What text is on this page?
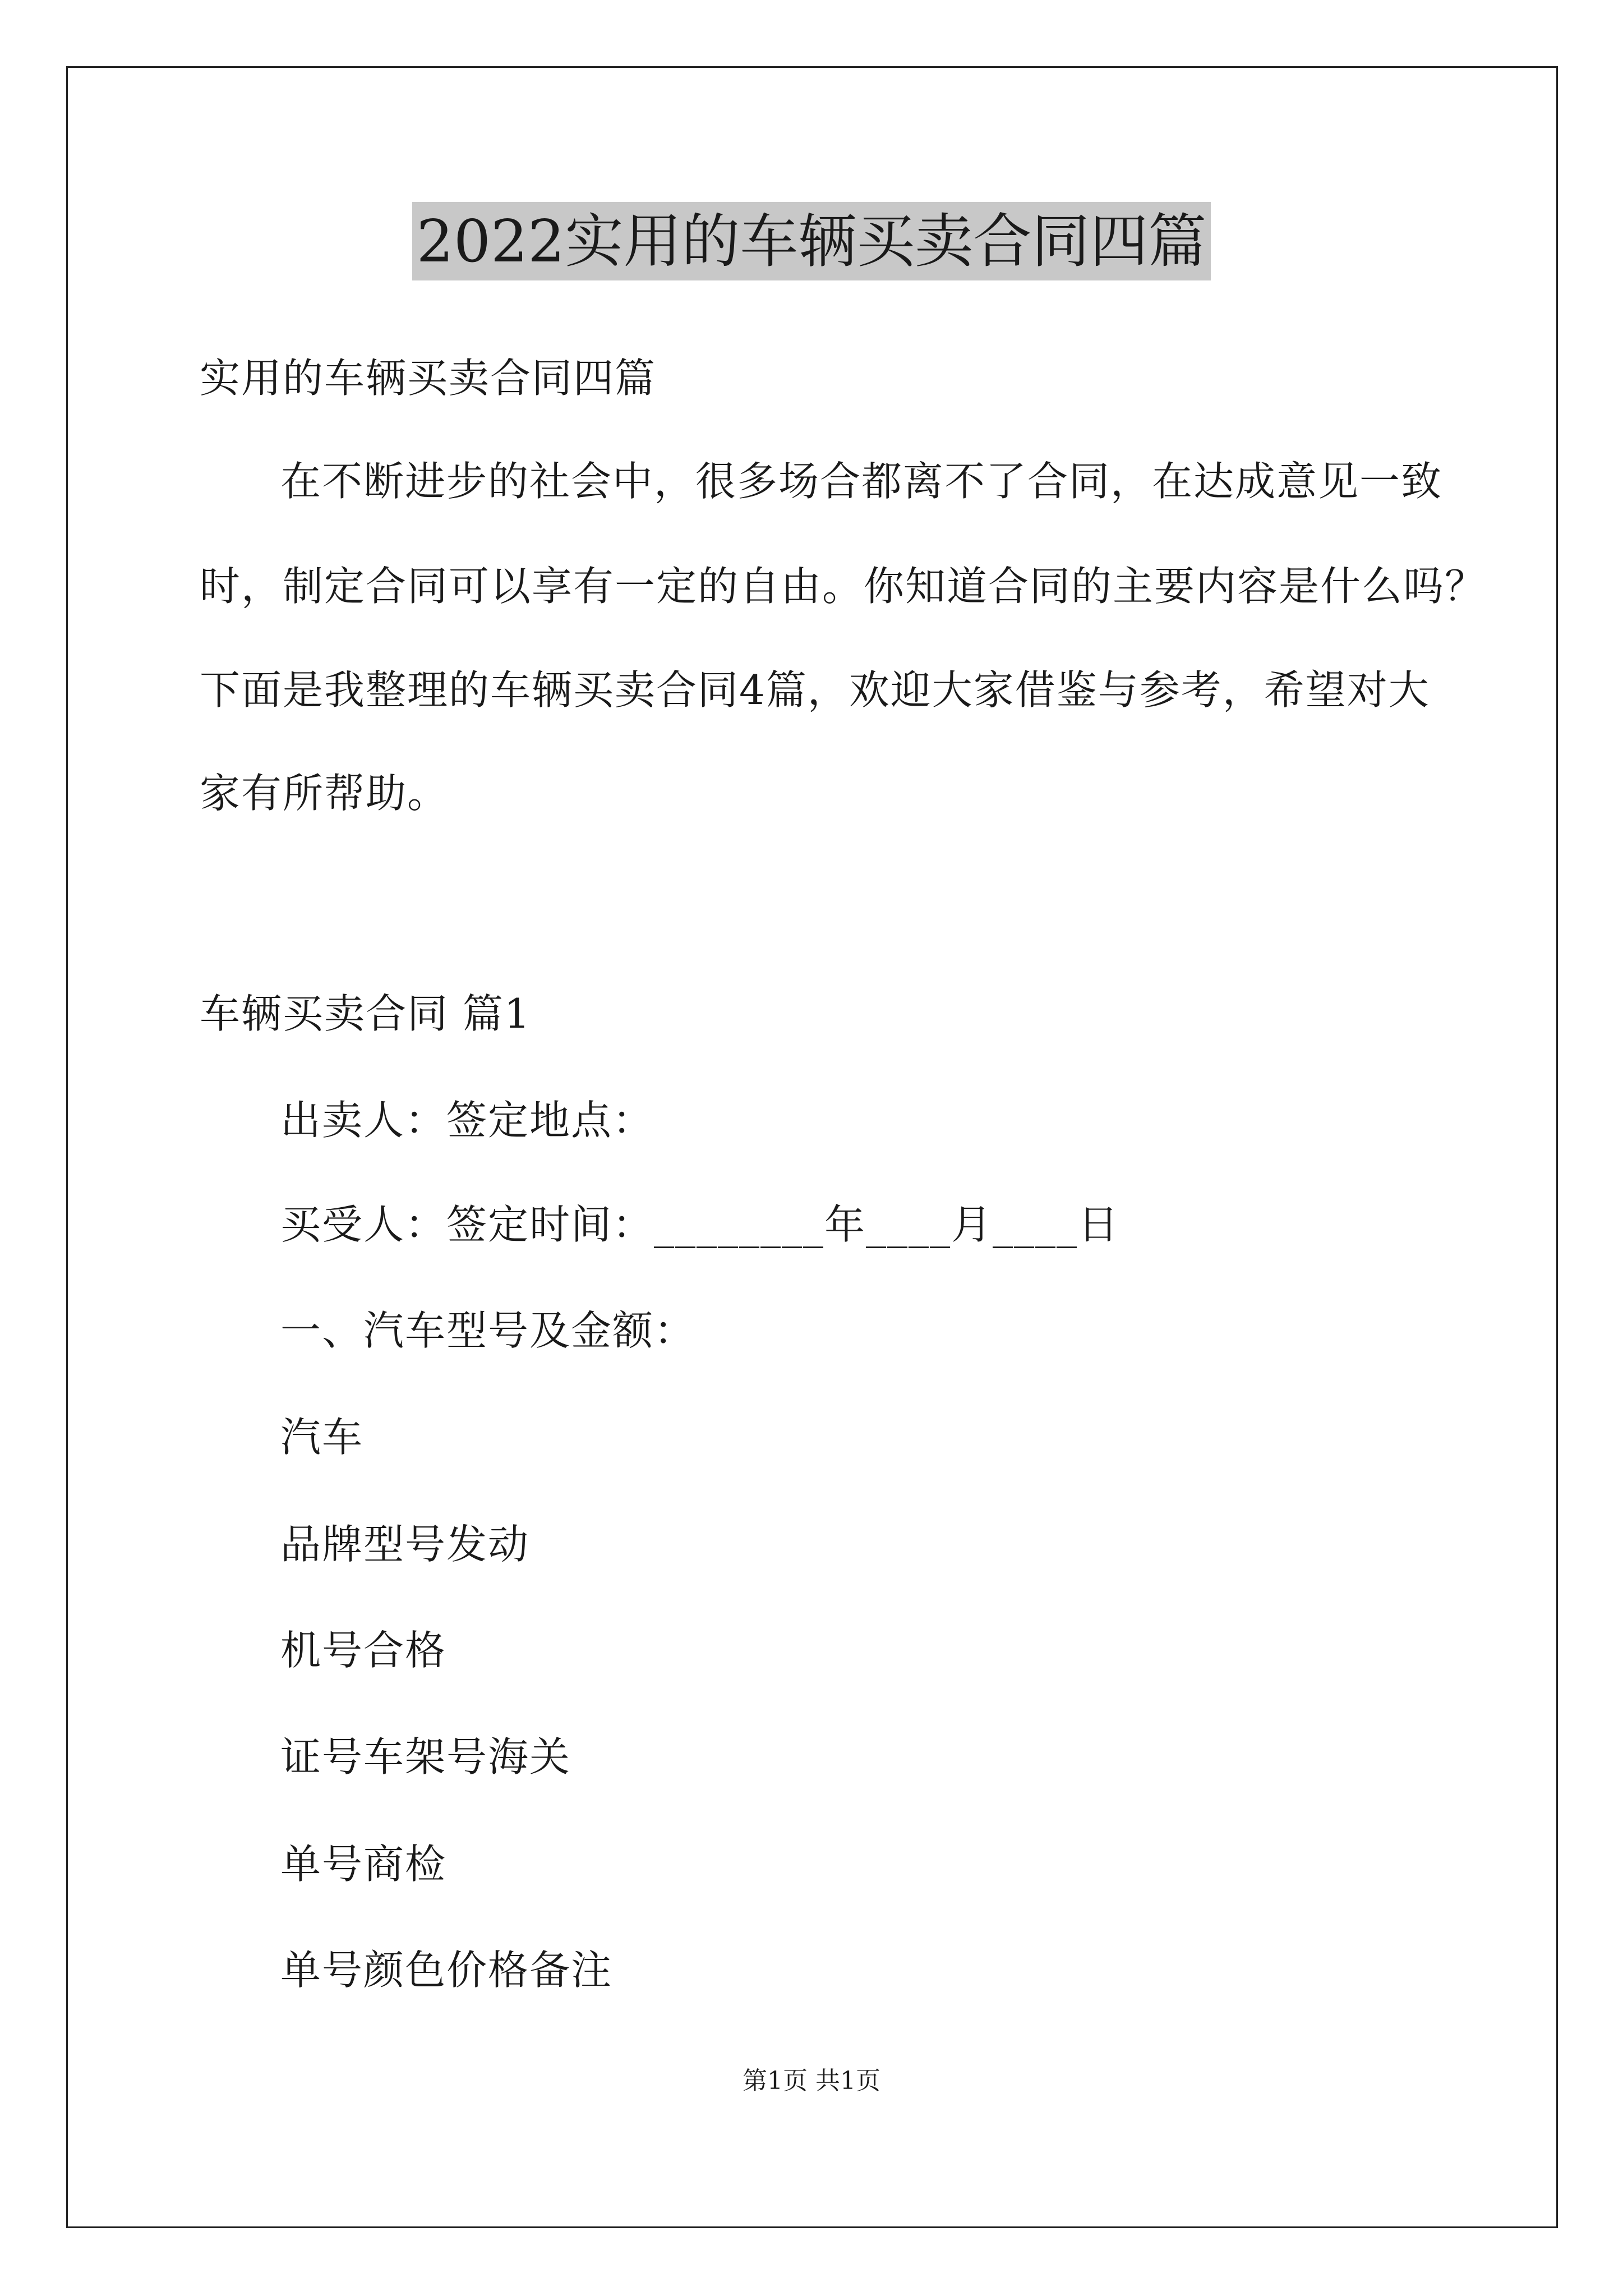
2022实用的车辆买卖合同四篇
实用的车辆买卖合同四篇
在不断进步的社会中，很多场合都离不了合同，在达成意见一致
时，制定合同可以享有一定的自由。你知道合同的主要内容是什么吗？
下面是我整理的车辆买卖合同4篇，欢迎大家借鉴与参考，希望对大
家有所帮助。
车辆买卖合同 篇1
出卖人：签定地点：
买受人：签定时间：________年____月____日
一、汽车型号及金额：
汽车
品牌型号发动
机号合格
证号车架号海关
单号商检
单号颜色价格备注
第1页 共1页
